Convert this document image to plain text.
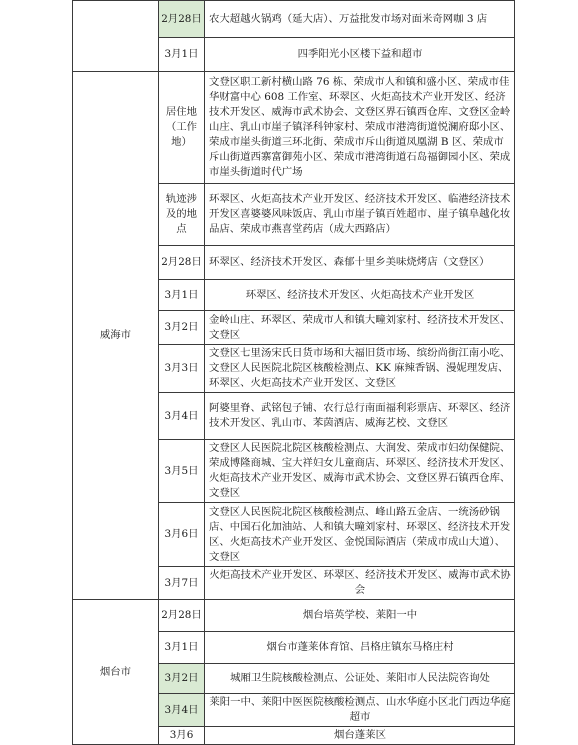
	2月28日	农大超越火锅鸡（延大店）、万益批发市场对面米奇网咖 3 店
	3月1日	四季阳光小区楼下益和超市
威海市	居住地（工作地）	文登区职工新村横山路 76 栋、荣成市人和镇和盛小区、荣成市佳华财富中心 608 工作室、环翠区、火炬高技术产业开发区、经济技术开发区、威海市武术协会、文登区界石镇西仓库、文登区金岭山庄、乳山市崖子镇泽科钟家村、荣成市港湾街道悦澜府邸小区、荣成市崖头街道三环北街、荣成市斥山街道凤凰湖 B 区、荣成市斥山街道西寨富御苑小区、荣成市港湾街道石岛福御园小区、荣成市崖头街道时代广场
	轨迹涉及的地点	环翠区、火炬高技术产业开发区、经济技术开发区、临港经济技术开发区喜婆婆风味饭店、乳山市崖子镇百姓超市、崖子镇阜越化妆品店、荣成市燕喜堂药店（成大西路店）
	2月28日	环翠区、经济技术开发区、森郁十里乡美味烧烤店（文登区）
	3月1日	环翠区、经济技术开发区、火炬高技术产业开发区
	3月2日	金岭山庄、环翠区、荣成市人和镇大疃刘家村、经济技术开发区、文登区
	3月3日	文登区七里汤宋氏日货市场和大福旧货市场、缤纷尚街江南小吃、文登区人民医院北院区核酸检测点、KK 麻辣香锅、漫妮理发店、环翠区、火炬高技术产业开发区、文登区
	3月4日	阿婆里脊、武铭包子铺、农行总行南面福利彩票店、环翠区、经济技术开发区、乳山市、苯茵酒店、威海艺校、文登区
	3月5日	文登区人民医院北院区核酸检测点、大润发、荣成市妇幼保健院、荣成博隆商城、宝大祥妇女儿童商店、环翠区、经济技术开发区、火炬高技术产业开发区、威海市武术协会、文登区界石镇西仓库、文登区
	3月6日	文登区人民医院北院区核酸检测点、峰山路五金店、一统汤砂锅店、中国石化加油站、人和镇大疃刘家村、环翠区、经济技术开发区、火炬高技术产业开发区、金悦国际酒店（荣成市成山大道）、文登区
	3月7日	火炬高技术产业开发区、环翠区、经济技术开发区、威海市武术协会
烟台市	2月28日	烟台培英学校、莱阳一中
	3月1日	烟台市蓬莱体育馆、吕格庄镇东马格庄村
	3月2日	城厢卫生院核酸检测点、公证处、莱阳市人民法院咨询处
	3月4日	莱阳一中、莱阳中医医院核酸检测点、山水华庭小区北门西边华庭超市
	3月6	烟台蓬莱区
